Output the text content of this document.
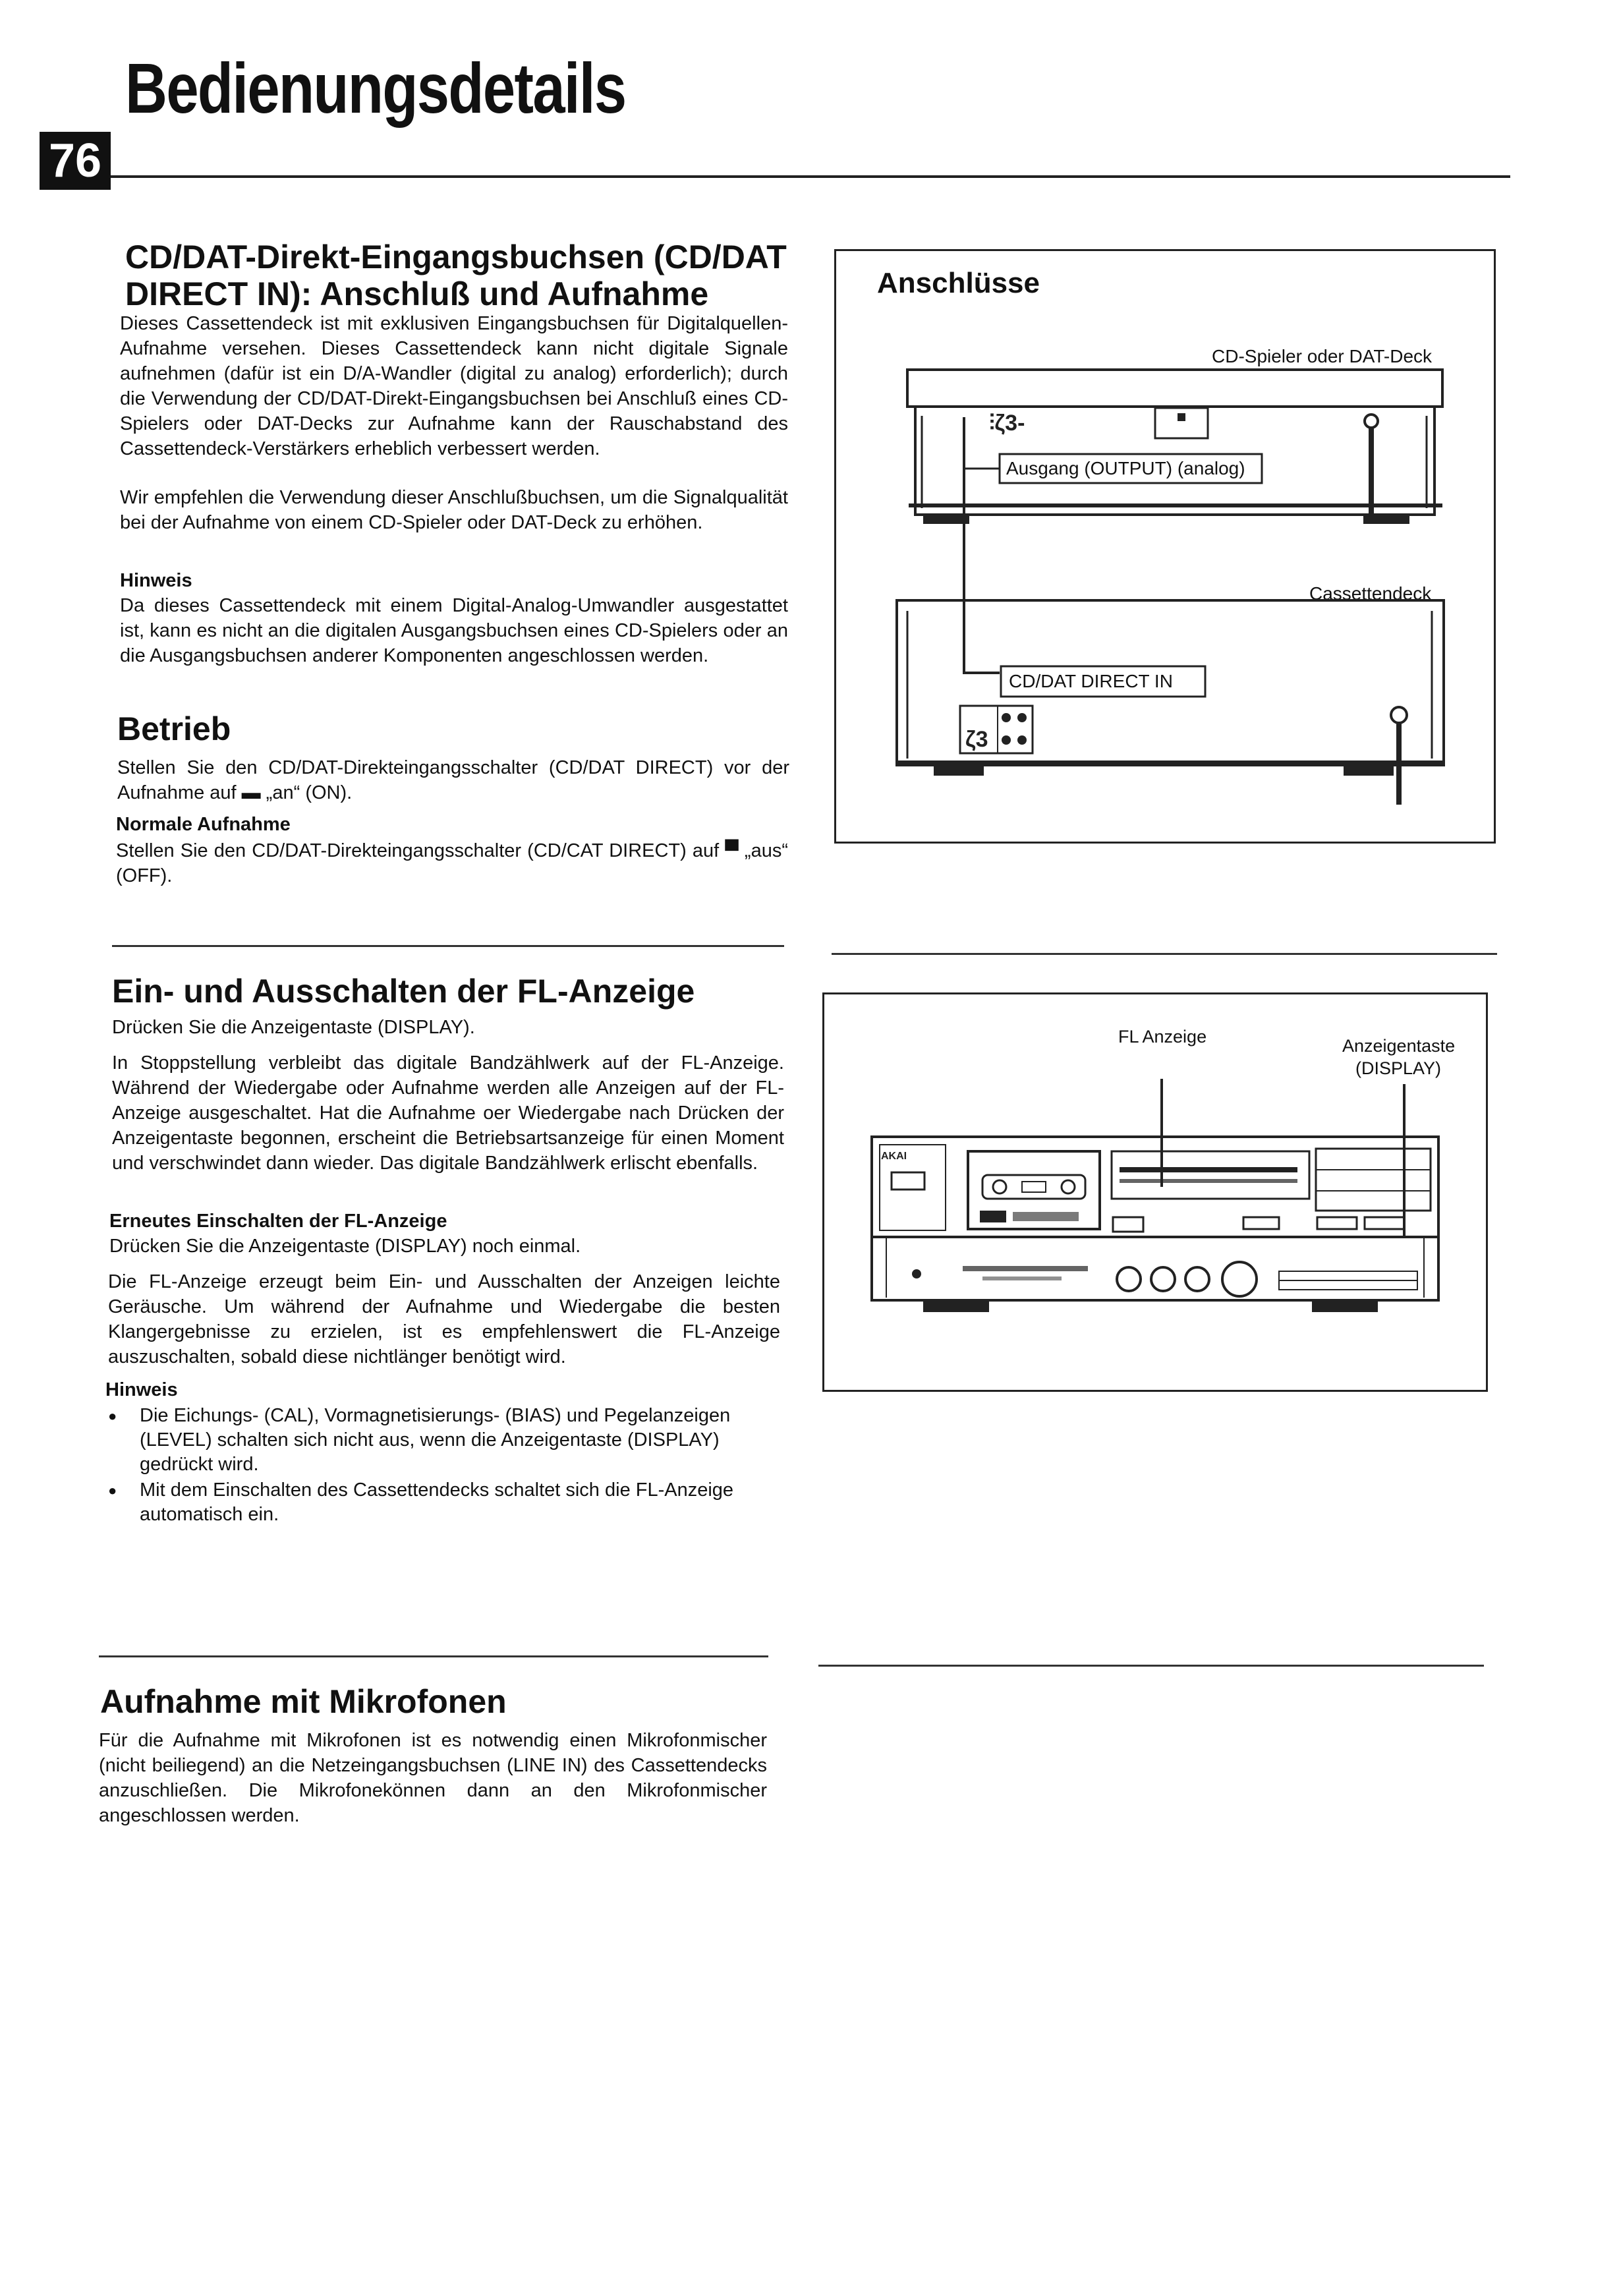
Bedienungsdetails
76
CD/DAT-Direkt-Eingangsbuchsen (CD/DAT DIRECT IN): Anschluß und Aufnahme

Dieses Cassettendeck ist mit exklusiven Eingangsbuchsen für Digitalquellen-Aufnahme versehen. Dieses Cassettendeck kann nicht digitale Signale aufnehmen (dafür ist ein D/A-Wandler (digital zu analog) erforderlich); durch die Verwendung der CD/DAT-Direkt-Eingangsbuchsen bei Anschluß eines CD-Spielers oder DAT-Decks zur Aufnahme kann der Rauschabstand des Cassettendeck-Verstärkers erheblich verbessert werden.

Wir empfehlen die Verwendung dieser Anschlußbuchsen, um die Signalqualität bei der Aufnahme von einem CD-Spieler oder DAT-Deck zu erhöhen.

Hinweis

Da dieses Cassettendeck mit einem Digital-Analog-Umwandler ausgestattet ist, kann es nicht an die digitalen Ausgangsbuchsen eines CD-Spielers oder an die Ausgangsbuchsen anderer Komponenten angeschlossen werden.

Betrieb

Stellen Sie den CD/DAT-Direkteingangsschalter (CD/DAT DIRECT) vor der Aufnahme auf ▬ „an“ (ON).

Normale Aufnahme

Stellen Sie den CD/DAT-Direkteingangsschalter (CD/CAT DIRECT) auf ▀ „aus“ (OFF).

Anschlüsse
CD-Spieler oder DAT-Deck
Cassettendeck
⫶ζ3-
ζ3
Ausgang (OUTPUT) (analog)
CD/DAT DIRECT IN
Ein- und Ausschalten der FL-Anzeige

Drücken Sie die Anzeigentaste (DISPLAY).

In Stoppstellung verbleibt das digitale Bandzählwerk auf der FL-Anzeige. Während der Wiedergabe oder Aufnahme werden alle Anzeigen auf der FL-Anzeige ausgeschaltet. Hat die Aufnahme oer Wiedergabe nach Drücken der Anzeigentaste begonnen, erscheint die Betriebsartsanzeige für einen Moment und verschwindet dann wieder. Das digitale Bandzählwerk erlischt ebenfalls.

Erneutes Einschalten der FL-Anzeige

Drücken Sie die Anzeigentaste (DISPLAY) noch einmal.

Die FL-Anzeige erzeugt beim Ein- und Ausschalten der Anzeigen leichte Geräusche. Um während der Aufnahme und Wiedergabe die besten Klangergebnisse zu erzielen, ist es empfehlenswert die FL-Anzeige auszuschalten, sobald diese nichtlänger benötigt wird.

Hinweis
● Die Eichungs- (CAL), Vormagnetisierungs- (BIAS) und Pegelanzeigen (LEVEL) schalten sich nicht aus, wenn die Anzeigentaste (DISPLAY) gedrückt wird.
● Mit dem Einschalten des Cassettendecks schaltet sich die FL-Anzeige automatisch ein.
FL Anzeige	Anzeigentaste
(DISPLAY)
AKAI
Aufnahme mit Mikrofonen

Für die Aufnahme mit Mikrofonen ist es notwendig einen Mikrofonmischer (nicht beiliegend) an die Netzeingangsbuchsen (LINE IN) des Cassettendecks anzuschließen. Die Mikrofonekönnen dann an den Mikrofonmischer angeschlossen werden.
